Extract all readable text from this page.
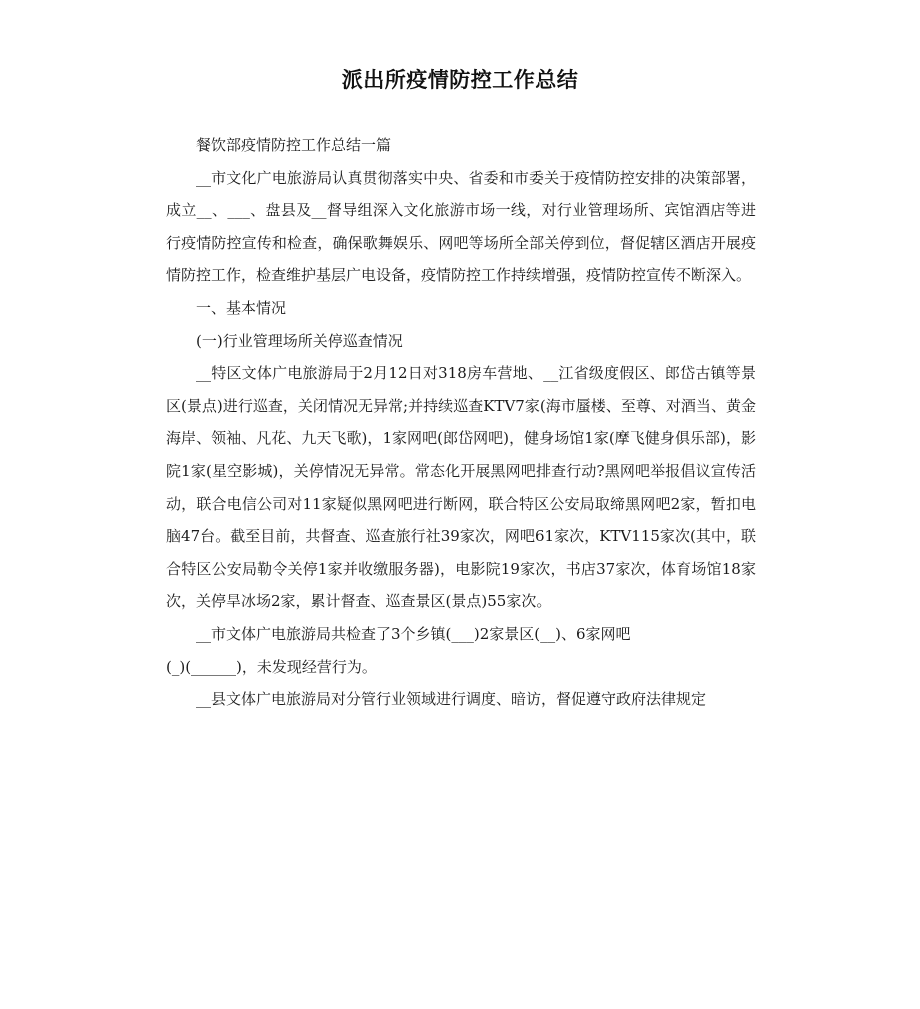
派出所疫情防控工作总结

餐饮部疫情防控工作总结一篇

__市文化广电旅游局认真贯彻落实中央、省委和市委关于疫情防控安排的决策部署，成立__、___、盘县及__督导组深入文化旅游市场一线，对行业管理场所、宾馆酒店等进行疫情防控宣传和检查，确保歌舞娱乐、网吧等场所全部关停到位，督促辖区酒店开展疫情防控工作，检查维护基层广电设备，疫情防控工作持续增强，疫情防控宣传不断深入。

一、基本情况

(一)行业管理场所关停巡查情况

__特区文体广电旅游局于2月12日对318房车营地、__江省级度假区、郎岱古镇等景区(景点)进行巡查，关闭情况无异常;并持续巡查KTV7家(海市蜃楼、至尊、对酒当、黄金海岸、领袖、凡花、九天飞歌)，1家网吧(郎岱网吧)，健身场馆1家(摩飞健身俱乐部)，影院1家(星空影城)，关停情况无异常。常态化开展黑网吧排查行动?黑网吧举报倡议宣传活动，联合电信公司对11家疑似黑网吧进行断网，联合特区公安局取缔黑网吧2家，暂扣电脑47台。截至目前，共督查、巡查旅行社39家次，网吧61家次，KTV115家次(其中，联合特区公安局勒令关停1家并收缴服务器)，电影院19家次，书店37家次，体育场馆18家次，关停旱冰场2家，累计督查、巡查景区(景点)55家次。

__市文体广电旅游局共检查了3个乡镇(___)2家景区(__)、6家网吧

(_)(______)，未发现经营行为。

__县文体广电旅游局对分管行业领域进行调度、暗访，督促遵守政府法律规定
